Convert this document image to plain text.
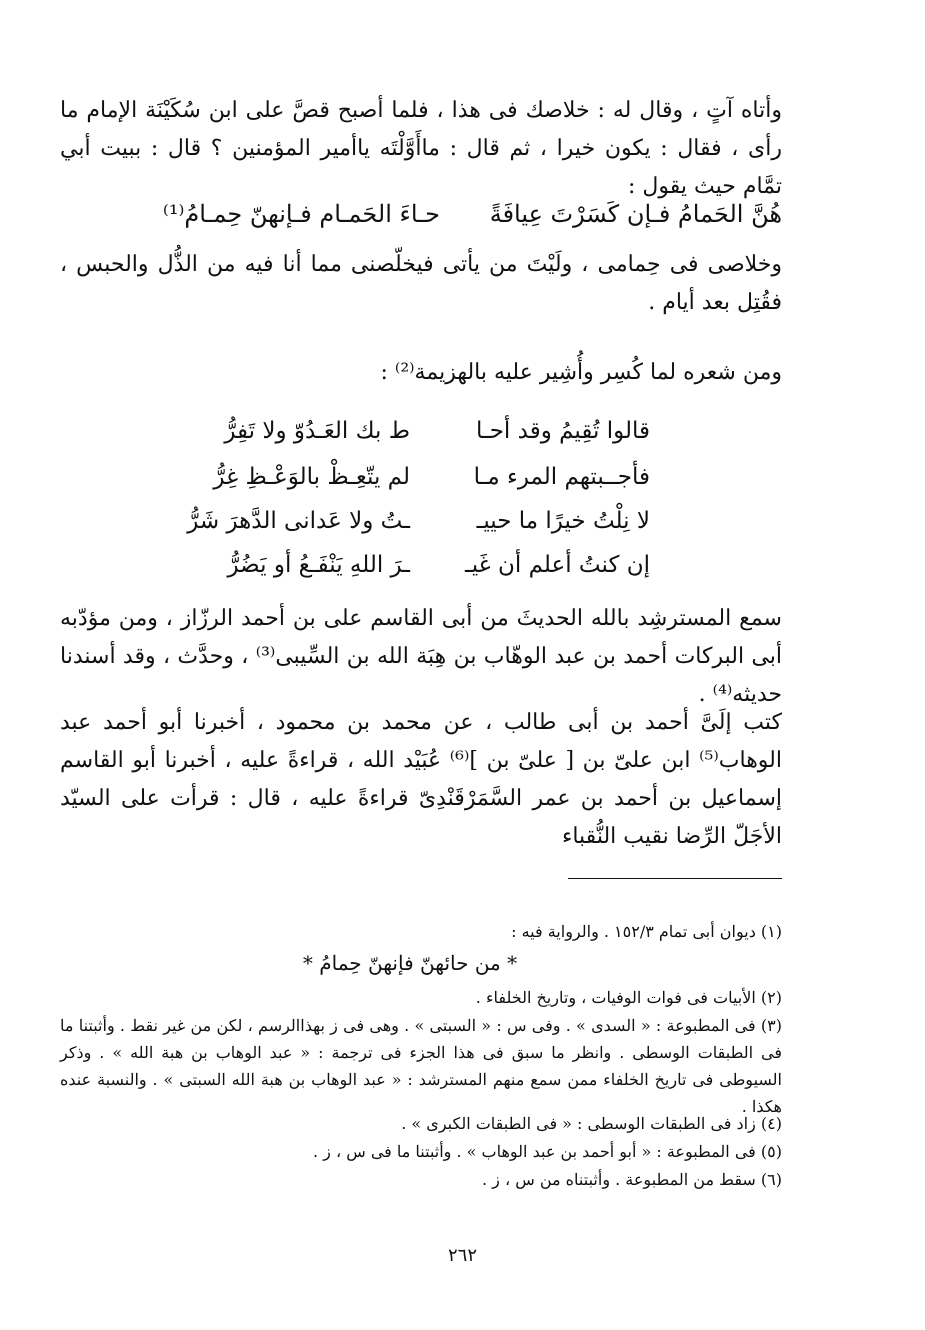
وأتاه آتٍ ، وقال له : خلاصك فى هذا ، فلما أصبح قصَّ على ابن سُكَيْنَة الإمام ما رأى ، فقال : يكون خيرا ، ثم قال : ماأَوَّلْتَه ياأمير المؤمنين ؟ قال : ببيت أبي تمَّام حيث يقول :

هُنَّ الحَمامُ فـإن كَسَرْتَ عِيافَةً
حـاءَ الحَمـام فـإنهنّ حِمـامُ⁽¹⁾

وخلاصى فى حِمامى ، ولَيْتَ من يأتى فيخلّصنى مما أنا فيه من الذُّل والحبس ، فقُتِل بعد أيام .

ومن شعره لما كُسِر وأُشِير عليه بالهزيمة⁽²⁾ :

قالوا تُقِيمُ وقد أحـا
ط بك العَـدُوّ ولا تَفِرُّ
فأجــبتهم المرء مـا
لم يتّعِـظْ بالوَعْـظِ غِرُّ
لا نِلْتُ خيرًا ما حييـ
ـتُ ولا عَدانى الدَّهرَ شَرُّ
إن كنتُ أعلم أن غَيـ
ـرَ اللهِ يَنْفَـعُ أو يَضُرُّ

سمع المسترشِد بالله الحديثَ من أبى القاسم على بن أحمد الرزّاز ، ومن مؤدّبه أبى البركات أحمد بن عبد الوهّاب بن هِبَة الله بن السِّيبى⁽³⁾ ، وحدَّث ، وقد أسندنا حديثه⁽⁴⁾ .

كتب إلَىَّ أحمد بن أبى طالب ، عن محمد بن محمود ، أخبرنا أبو أحمد عبد الوهاب⁽⁵⁾ ابن علىّ بن [ علىّ بن ]⁽⁶⁾ عُبَيْد الله ، قراءةً عليه ، أخبرنا أبو القاسم إسماعيل بن أحمد بن عمر السَّمَرْقَنْدِىّ قراءةً عليه ، قال : قرأت على السيّد الأجَلّ الرِّضا نقيب النُّقباء

(١) ديوان أبى تمام ١٥٢/٣ . والرواية فيه :

* من حائهنّ فإنهنّ حِمامُ *

(٢) الأبيات فى فوات الوفيات ، وتاريخ الخلفاء .

(٣) فى المطبوعة : « السدى » . وفى س : « السبتى » . وهى فى ز بهذاالرسم ، لكن من غير نقط . وأثبتنا ما فى الطبقات الوسطى . وانظر ما سبق فى هذا الجزء فى ترجمة : « عبد الوهاب بن هبة الله » . وذكر السيوطى فى تاريخ الخلفاء ممن سمع منهم المسترشد : « عبد الوهاب بن هبة الله السبتى » . والنسبة عنده هكذا .

(٤) زاد فى الطبقات الوسطى : « فى الطبقات الكبرى » .

(٥) فى المطبوعة : « أبو أحمد بن عبد الوهاب » . وأثبتنا ما فى س ، ز .

(٦) سقط من المطبوعة . وأثبتناه من س ، ز .

٢٦٢
